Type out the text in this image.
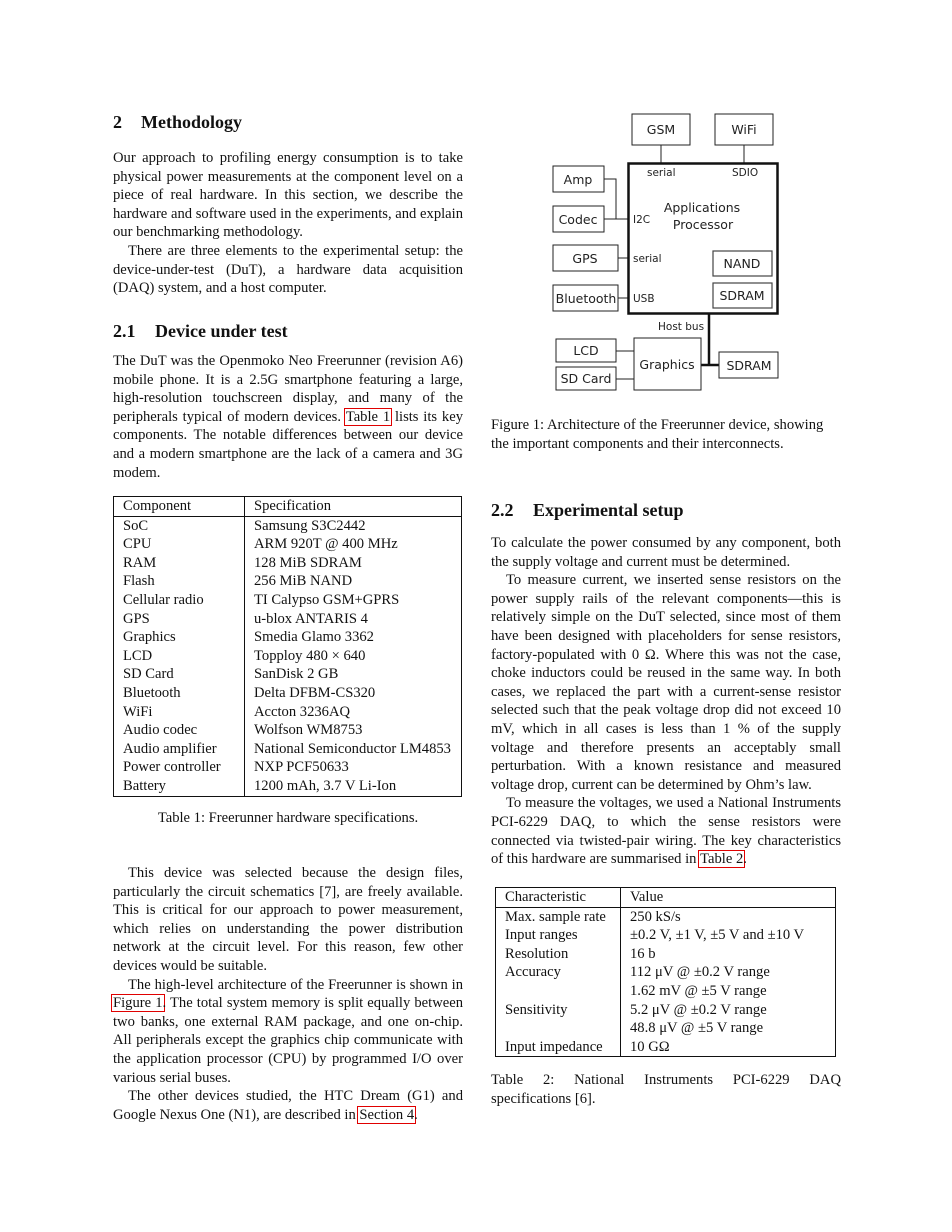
2 Methodology

Our approach to profiling energy consumption is to take physical power measurements at the component level on a piece of real hardware. In this section, we describe the hardware and software used in the experiments, and explain our benchmarking methodology.

There are three elements to the experimental setup: the device-under-test (DuT), a hardware data acquisition (DAQ) system, and a host computer.

2.1 Device under test

The DuT was the Openmoko Neo Freerunner (revision A6) mobile phone. It is a 2.5G smartphone featuring a large, high-resolution touchscreen display, and many of the peripherals typical of modern devices. Table 1 lists its key components. The notable differences between our device and a modern smartphone are the lack of a camera and 3G modem.

Component	Specification
SoC	Samsung S3C2442
CPU	ARM 920T @ 400 MHz
RAM	128 MiB SDRAM
Flash	256 MiB NAND
Cellular radio	TI Calypso GSM+GPRS
GPS	u-blox ANTARIS 4
Graphics	Smedia Glamo 3362
LCD	Topploy 480 × 640
SD Card	SanDisk 2 GB
Bluetooth	Delta DFBM-CS320
WiFi	Accton 3236AQ
Audio codec	Wolfson WM8753
Audio amplifier	National Semiconductor LM4853
Power controller	NXP PCF50633
Battery	1200 mAh, 3.7 V Li-Ion
Table 1: Freerunner hardware specifications.

This device was selected because the design files, particularly the circuit schematics [7], are freely available. This is critical for our approach to power measurement, which relies on understanding the power distribution network at the circuit level. For this reason, few other devices would be suitable.

The high-level architecture of the Freerunner is shown in Figure 1. The total system memory is split equally between two banks, one external RAM package, and one on-chip. All peripherals except the graphics chip communicate with the application processor (CPU) by programmed I/O over various serial buses.

The other devices studied, the HTC Dream (G1) and Google Nexus One (N1), are described in Section 4.

GSM	WiFi
Amp
Codec
GPS
Bluetooth
Applications
Processor
NAND
SDRAM
LCD
SD Card
Graphics	SDRAM
serial	SDIO
I2C
serial
USB
Host bus
Figure 1: Architecture of the Freerunner device, showing the important components and their interconnects.
2.2 Experimental setup

To calculate the power consumed by any component, both the supply voltage and current must be determined.

To measure current, we inserted sense resistors on the power supply rails of the relevant components—this is relatively simple on the DuT selected, since most of them have been designed with placeholders for sense resistors, factory-populated with 0 Ω. Where this was not the case, choke inductors could be reused in the same way. In both cases, we replaced the part with a current-sense resistor selected such that the peak voltage drop did not exceed 10 mV, which in all cases is less than 1 % of the supply voltage and therefore presents an acceptably small perturbation. With a known resistance and measured voltage drop, current can be determined by Ohm’s law.

To measure the voltages, we used a National Instruments PCI-6229 DAQ, to which the sense resistors were connected via twisted-pair wiring. The key characteristics of this hardware are summarised in Table 2.

Characteristic	Value
Max. sample rate	250 kS/s
Input ranges	±0.2 V, ±1 V, ±5 V and ±10 V
Resolution	16 b
Accuracy	112 μV @ ±0.2 V range
	1.62 mV @ ±5 V range
Sensitivity	5.2 μV @ ±0.2 V range
	48.8 μV @ ±5 V range
Input impedance	10 GΩ
Table 2: National Instruments PCI-6229 DAQ specifications [6].
